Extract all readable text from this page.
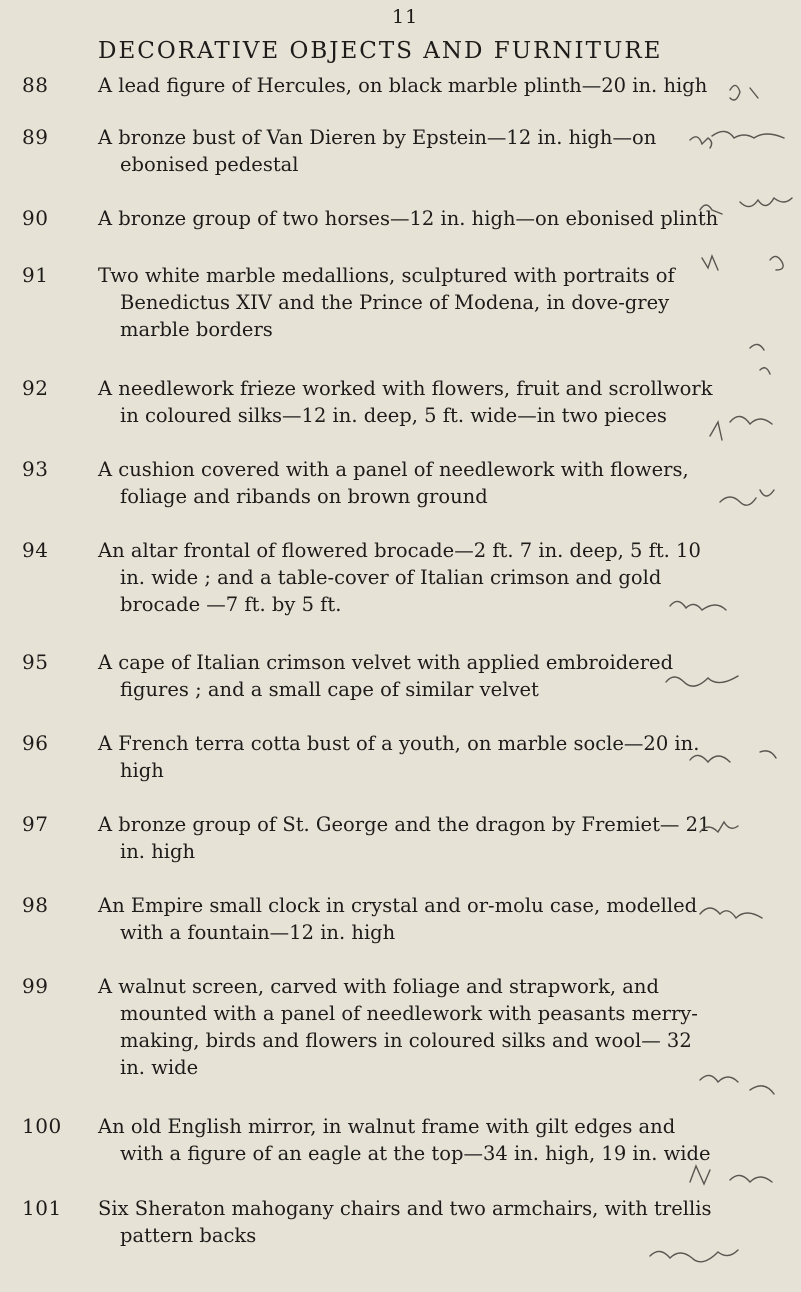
11
DECORATIVE OBJECTS AND FURNITURE
88	A lead figure of Hercules, on black marble plinth—20 in. high
89	A bronze bust of Van Dieren by Epstein—12 in. high—on ebonised pedestal
90	A bronze group of two horses—12 in. high—on ebonised plinth
91	Two white marble medallions, sculptured with portraits of Benedictus XIV and the Prince of Modena, in dove-grey marble borders
92	A needlework frieze worked with flowers, fruit and scrollwork in coloured silks—12 in. deep, 5 ft. wide—in two pieces
93	A cushion covered with a panel of needlework with flowers, foliage and ribands on brown ground
94	An altar frontal of flowered brocade—2 ft. 7 in. deep, 5 ft. 10 in. wide ; and a table-cover of Italian crimson and gold brocade —7 ft. by 5 ft.
95	A cape of Italian crimson velvet with applied embroidered figures ; and a small cape of similar velvet
96	A French terra cotta bust of a youth, on marble socle—20 in. high
97	A bronze group of St. George and the dragon by Fremiet— 21 in. high
98	An Empire small clock in crystal and or-molu case, modelled with a fountain—12 in. high
99	A walnut screen, carved with foliage and strapwork, and mounted with a panel of needlework with peasants merry-making, birds and flowers in coloured silks and wool— 32 in. wide
100	An old English mirror, in walnut frame with gilt edges and with a figure of an eagle at the top—34 in. high, 19 in. wide
101	Six Sheraton mahogany chairs and two armchairs, with trellis pattern backs
